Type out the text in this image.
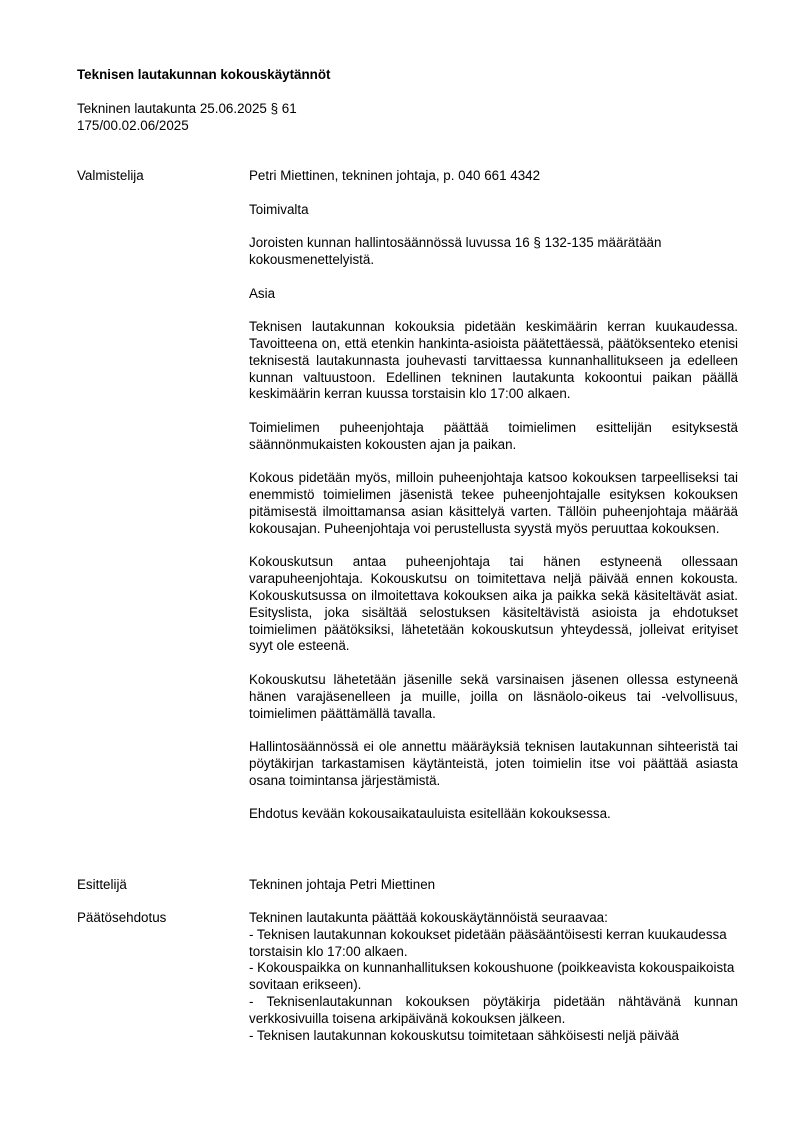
Teknisen lautakunnan kokouskäytännöt
Tekninen lautakunta 25.06.2025 § 61
175/00.02.06/2025
Valmistelija	Petri Miettinen, tekninen johtaja, p. 040 661 4342

Toimivalta

Joroisten kunnan hallintosäännössä luvussa 16 § 132-135 määrätään kokousmenettelyistä.

Asia

Teknisen lautakunnan kokouksia pidetään keskimäärin kerran kuukaudessa. Tavoitteena on, että etenkin hankinta-asioista päätettäessä, päätöksenteko etenisi teknisestä lautakunnasta jouhevasti tarvittaessa kunnanhallitukseen ja edelleen kunnan valtuustoon. Edellinen tekninen lautakunta kokoontui paikan päällä keskimäärin kerran kuussa torstaisin klo 17:00 alkaen.

Toimielimen puheenjohtaja päättää toimielimen esittelijän esityksestä säännönmukaisten kokousten ajan ja paikan.

Kokous pidetään myös, milloin puheenjohtaja katsoo kokouksen tarpeelliseksi tai enemmistö toimielimen jäsenistä tekee puheenjohtajalle esityksen kokouksen pitämisestä ilmoittamansa asian käsittelyä varten. Tällöin puheenjohtaja määrää kokousajan. Puheenjohtaja voi perustellusta syystä myös peruuttaa kokouksen.

Kokouskutsun antaa puheenjohtaja tai hänen estyneenä ollessaan varapuheenjohtaja. Kokouskutsu on toimitettava neljä päivää ennen kokousta. Kokouskutsussa on ilmoitettava kokouksen aika ja paikka sekä käsiteltävät asiat. Esityslista, joka sisältää selostuksen käsiteltävistä asioista ja ehdotukset toimielimen päätöksiksi, lähetetään kokouskutsun yhteydessä, jolleivat erityiset syyt ole esteenä.

Kokouskutsu lähetetään jäsenille sekä varsinaisen jäsenen ollessa estyneenä hänen varajäsenelleen ja muille, joilla on läsnäolo-oikeus tai -velvollisuus, toimielimen päättämällä tavalla.

Hallintosäännössä ei ole annettu määräyksiä teknisen lautakunnan sihteeristä tai pöytäkirjan tarkastamisen käytänteistä, joten toimielin itse voi päättää asiasta osana toimintansa järjestämistä.

Ehdotus kevään kokousaikatauluista esitellään kokouksessa.

Esittelijä	Tekninen johtaja Petri Miettinen

Päätösehdotus	Tekninen lautakunta päättää kokouskäytännöistä seuraavaa:

- Teknisen lautakunnan kokoukset pidetään pääsääntöisesti kerran kuukaudessa torstaisin klo 17:00 alkaen.

- Kokouspaikka on kunnanhallituksen kokoushuone (poikkeavista kokouspaikoista sovitaan erikseen).

- Teknisenlautakunnan kokouksen pöytäkirja pidetään nähtävänä kunnan verkkosivuilla toisena arkipäivänä kokouksen jälkeen.

- Teknisen lautakunnan kokouskutsu toimitetaan sähköisesti neljä päivää
